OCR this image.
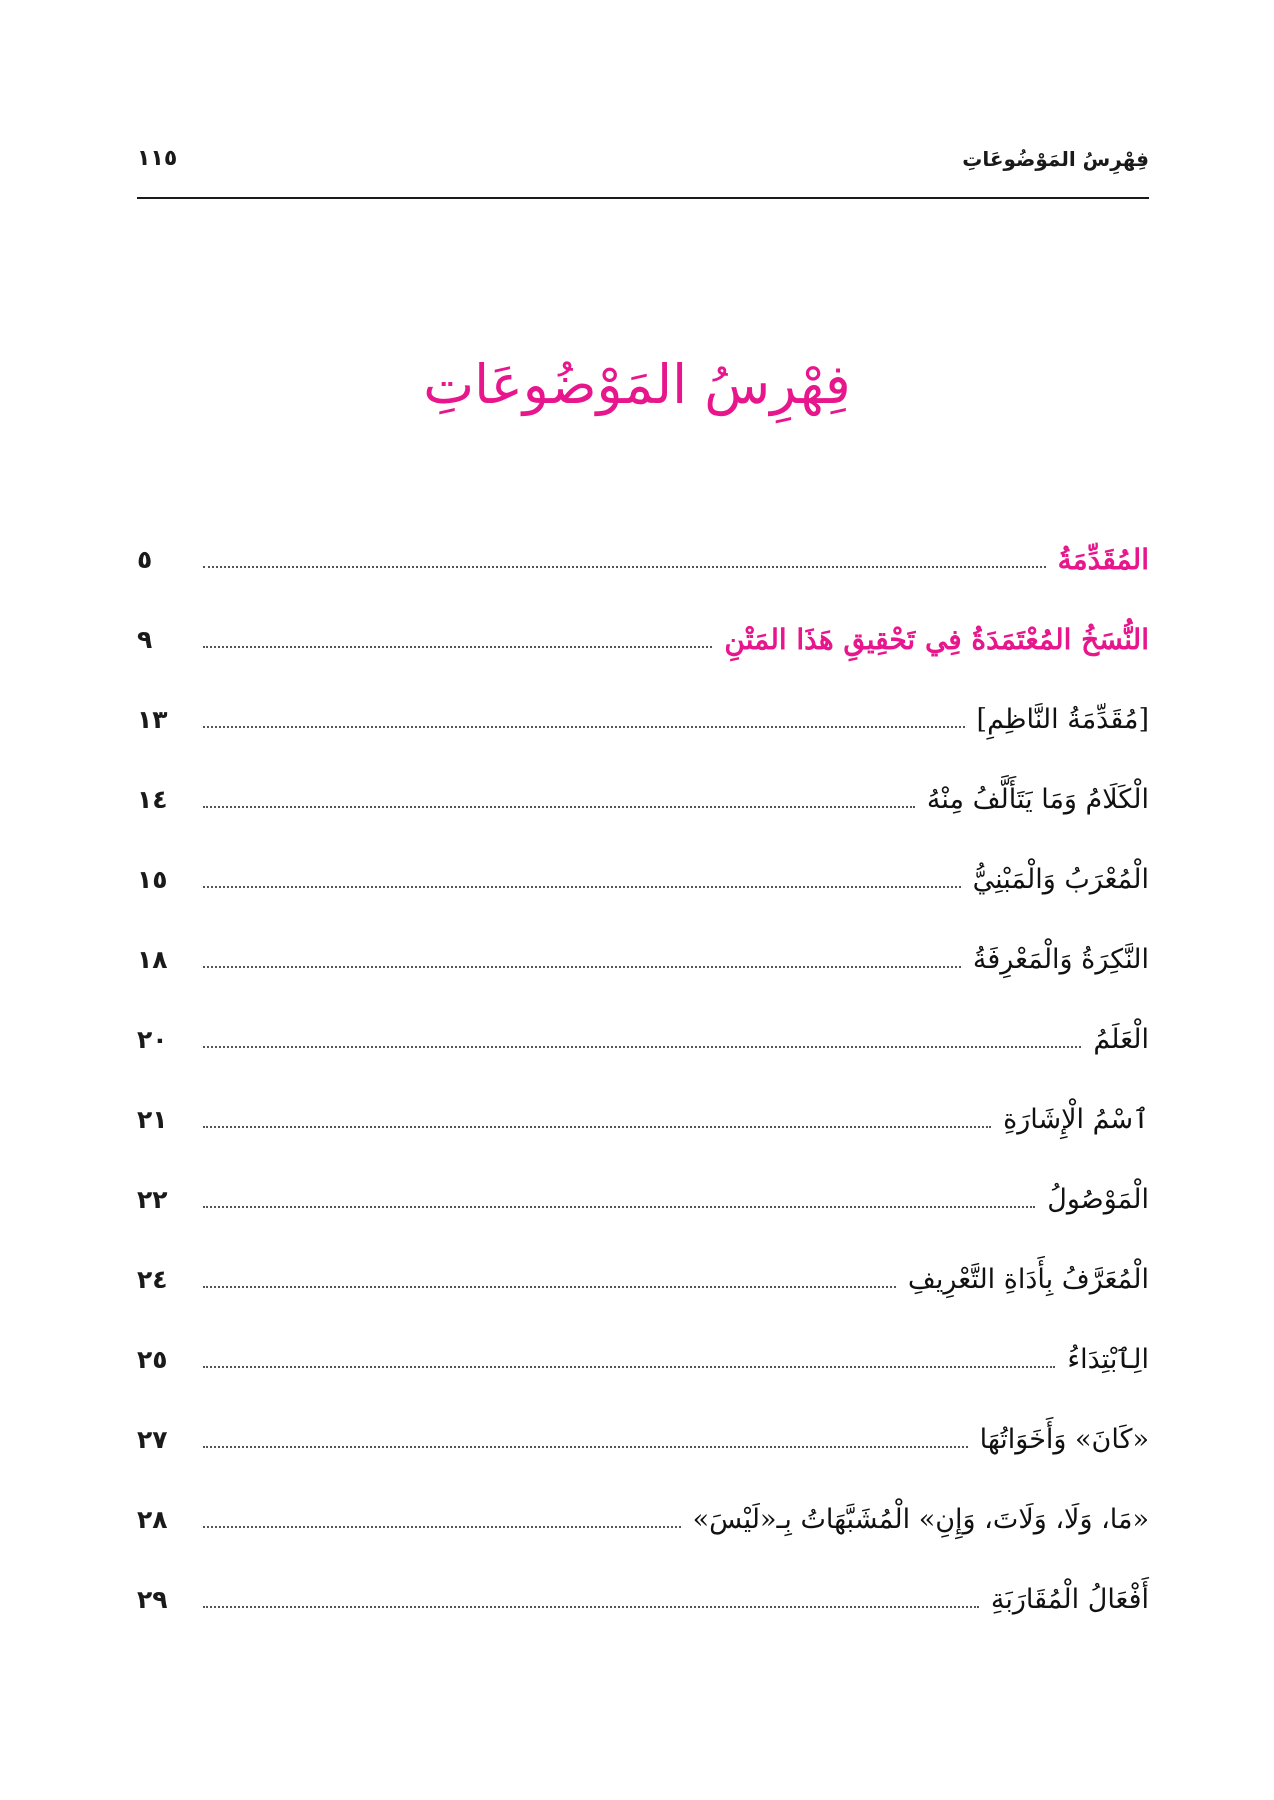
فِهْرِسُ المَوْضُوعَاتِ
١١٥
فِهْرِسُ المَوْضُوعَاتِ
المُقَدِّمَةُ
٥
النُّسَخُ المُعْتَمَدَةُ فِي تَحْقِيقِ هَذَا المَتْنِ
٩
[مُقَدِّمَةُ النَّاظِمِ]
١٣
الْكَلَامُ وَمَا يَتَأَلَّفُ مِنْهُ
١٤
الْمُعْرَبُ وَالْمَبْنِيُّ
١٥
النَّكِرَةُ وَالْمَعْرِفَةُ
١٨
الْعَلَمُ
٢٠
ٱسْمُ الْإِشَارَةِ
٢١
الْمَوْصُولُ
٢٢
الْمُعَرَّفُ بِأَدَاةِ التَّعْرِيفِ
٢٤
الِٱبْتِدَاءُ
٢٥
«كَانَ» وَأَخَوَاتُهَا
٢٧
«مَا، وَلَا، وَلَاتَ، وَإِنِ» الْمُشَبَّهَاتُ بِـ«لَيْسَ»
٢٨
أَفْعَالُ الْمُقَارَبَةِ
٢٩
